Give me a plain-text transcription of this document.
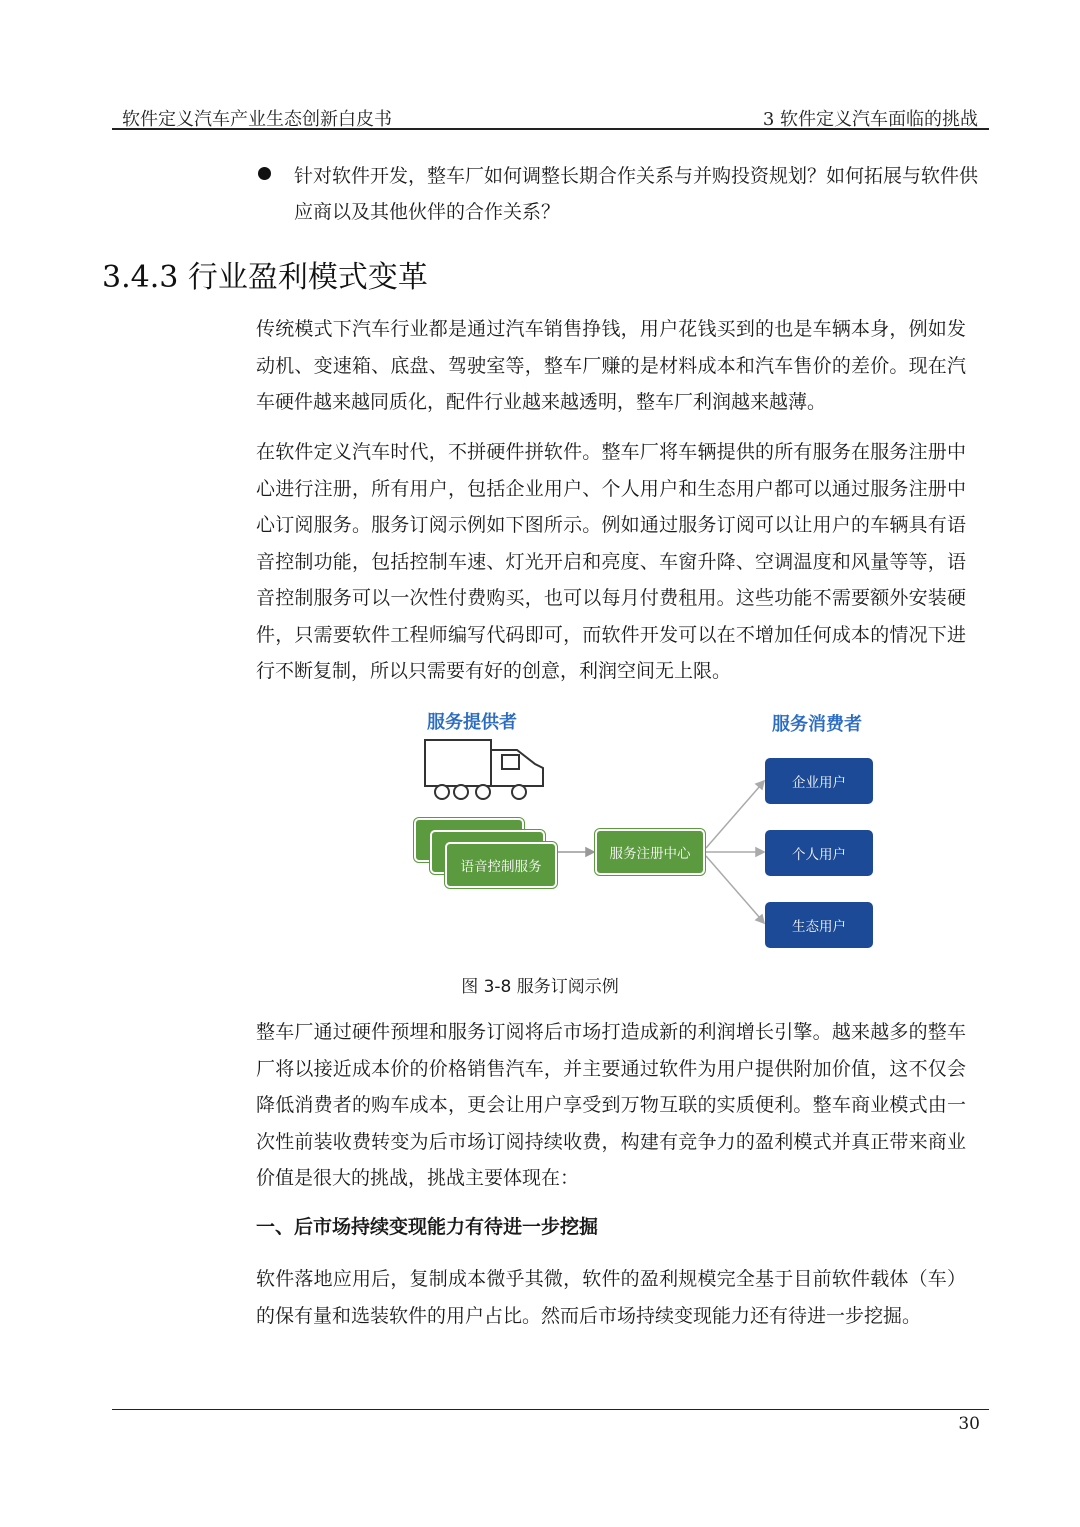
软件定义汽车产业生态创新白皮书	3 软件定义汽车面临的挑战
针对软件开发，整车厂如何调整长期合作关系与并购投资规划？如何拓展与软件供应商以及其他伙伴的合作关系？
3.4.3 行业盈利模式变革
传统模式下汽车行业都是通过汽车销售挣钱，用户花钱买到的也是车辆本身，例如发动机、变速箱、底盘、驾驶室等，整车厂赚的是材料成本和汽车售价的差价。现在汽车硬件越来越同质化，配件行业越来越透明，整车厂利润越来越薄。
在软件定义汽车时代，不拼硬件拼软件。整车厂将车辆提供的所有服务在服务注册中心进行注册，所有用户，包括企业用户、个人用户和生态用户都可以通过服务注册中心订阅服务。服务订阅示例如下图所示。例如通过服务订阅可以让用户的车辆具有语音控制功能，包括控制车速、灯光开启和亮度、车窗升降、空调温度和风量等等，语音控制服务可以一次性付费购买，也可以每月付费租用。这些功能不需要额外安装硬件，只需要软件工程师编写代码即可，而软件开发可以在不增加任何成本的情况下进行不断复制，所以只需要有好的创意，利润空间无上限。
服务提供者	服务消费者
语音控制服务
服务注册中心
企业用户
个人用户
生态用户
图 3-8 服务订阅示例
整车厂通过硬件预埋和服务订阅将后市场打造成新的利润增长引擎。越来越多的整车厂将以接近成本价的价格销售汽车，并主要通过软件为用户提供附加价值，这不仅会降低消费者的购车成本，更会让用户享受到万物互联的实质便利。整车商业模式由一次性前装收费转变为后市场订阅持续收费，构建有竞争力的盈利模式并真正带来商业价值是很大的挑战，挑战主要体现在：
一、后市场持续变现能力有待进一步挖掘
软件落地应用后，复制成本微乎其微，软件的盈利规模完全基于目前软件载体（车）的保有量和选装软件的用户占比。然而后市场持续变现能力还有待进一步挖掘。
30
